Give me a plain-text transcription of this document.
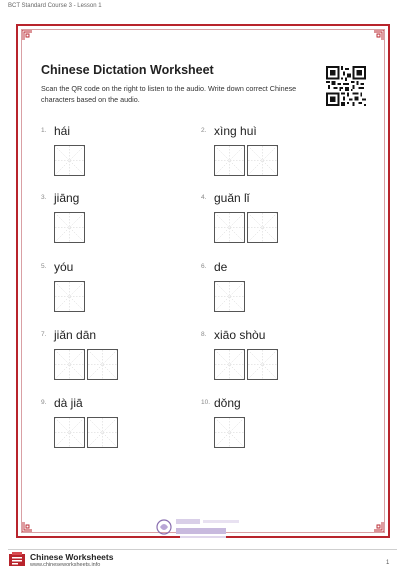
BCT Standard Course 3 - Lesson 1
Chinese Dictation Worksheet
Scan the QR code on the right to listen to the audio. Write down correct Chinese characters based on the audio.
1. hái	2. xìng huì
3. jiāng	4. guǎn lǐ
5. yóu	6. de
7. jiǎn dān	8. xiāo shòu
9. dà jiā	10. dǒng
Chinese Worksheets
www.chineseworksheets.info	1
